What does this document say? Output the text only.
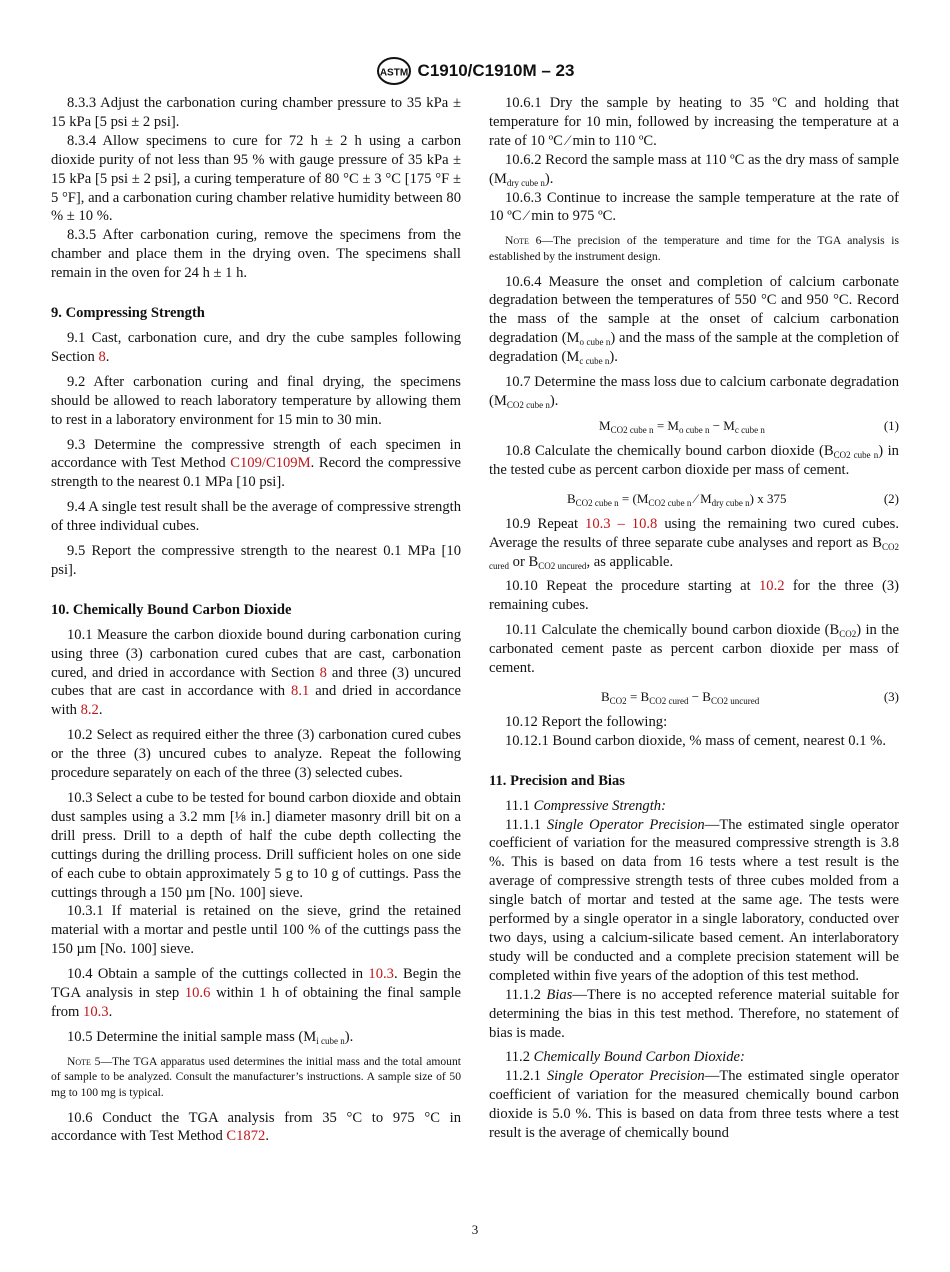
ASTM C1910/C1910M – 23

8.3.3 Adjust the carbonation curing chamber pressure to 35 kPa ± 15 kPa [5 psi ± 2 psi].

8.3.4 Allow specimens to cure for 72 h ± 2 h using a carbon dioxide purity of not less than 95 % with gauge pressure of 35 kPa ± 15 kPa [5 psi ± 2 psi], a curing temperature of 80 °C ± 3 °C [175 °F ± 5 °F], and a carbonation curing chamber relative humidity between 80 % ± 10 %.

8.3.5 After carbonation curing, remove the specimens from the chamber and place them in the drying oven. The specimens shall remain in the oven for 24 h ± 1 h.

9. Compressing Strength

9.1 Cast, carbonation cure, and dry the cube samples following Section 8.

9.2 After carbonation curing and final drying, the specimens should be allowed to reach laboratory temperature by allowing them to rest in a laboratory environment for 15 min to 30 min.

9.3 Determine the compressive strength of each specimen in accordance with Test Method C109/C109M. Record the compressive strength to the nearest 0.1 MPa [10 psi].

9.4 A single test result shall be the average of compressive strength of three individual cubes.

9.5 Report the compressive strength to the nearest 0.1 MPa [10 psi].

10. Chemically Bound Carbon Dioxide

10.1 Measure the carbon dioxide bound during carbonation curing using three (3) carbonation cured cubes that are cast, carbonation cured, and dried in accordance with Section 8 and three (3) uncured cubes that are cast in accordance with 8.1 and dried in accordance with 8.2.

10.2 Select as required either the three (3) carbonation cured cubes or the three (3) uncured cubes to analyze. Repeat the following procedure separately on each of the three (3) selected cubes.

10.3 Select a cube to be tested for bound carbon dioxide and obtain dust samples using a 3.2 mm [⅛ in.] diameter masonry drill bit on a drill press. Drill to a depth of half the cube depth collecting the cuttings during the drilling process. Drill sufficient holes on one side of each cube to obtain approximately 5 g to 10 g of cuttings. Pass the cuttings through a 150 µm [No. 100] sieve.

10.3.1 If material is retained on the sieve, grind the retained material with a mortar and pestle until 100 % of the cuttings pass the 150 µm [No. 100] sieve.

10.4 Obtain a sample of the cuttings collected in 10.3. Begin the TGA analysis in step 10.6 within 1 h of obtaining the final sample from 10.3.

10.5 Determine the initial sample mass $(M_{i cube n})$.

Note 5—The TGA apparatus used determines the initial mass and the total amount of sample to be analyzed. Consult the manufacturer’s instructions. A sample size of 50 mg to 100 mg is typical.

10.6 Conduct the TGA analysis from 35 °C to 975 °C in accordance with Test Method C1872.

10.6.1 Dry the sample by heating to 35 ºC and holding that temperature for 10 min, followed by increasing the temperature at a rate of 10 ºC ⁄ min to 110 ºC.

10.6.2 Record the sample mass at 110 ºC as the dry mass of sample $(M_{dry cube n})$.

10.6.3 Continue to increase the sample temperature at the rate of 10 ºC ⁄ min to 975 ºC.

Note 6—The precision of the temperature and time for the TGA analysis is established by the instrument design.

10.6.4 Measure the onset and completion of calcium carbonate degradation between the temperatures of 550 °C and 950 °C. Record the mass of the sample at the onset of calcium carbonation degradation $(M_{o cube n})$ and the mass of the sample at the completion of degradation $(M_{c cube n})$.

10.7 Determine the mass loss due to calcium carbonate degradation $(M_{CO2 cube n})$.

$M_{CO2 cube n} = M_{o cube n} - M_{c cube n}$	(1)

10.8 Calculate the chemically bound carbon dioxide $(B_{CO2 cube n})$ in the tested cube as percent carbon dioxide per mass of cement.

$B_{CO2 cube n} = (M_{CO2 cube n}$ ⁄ $M_{dry cube n}$) x 375	(2)

10.9 Repeat 10.3 – 10.8 using the remaining two cured cubes. Average the results of three separate cube analyses and report as $B_{CO2 cured}$ or $B_{CO2 uncured}$, as applicable.

10.10 Repeat the procedure starting at 10.2 for the three (3) remaining cubes.

10.11 Calculate the chemically bound carbon dioxide $(B_{CO2})$ in the carbonated cement paste as percent carbon dioxide per mass of cement.

$B_{CO2} = B_{CO2 cured} - B_{CO2 uncured}$	(3)

10.12 Report the following:

10.12.1 Bound carbon dioxide, % mass of cement, nearest 0.1 %.

11. Precision and Bias

11.1 Compressive Strength:

11.1.1 Single Operator Precision—The estimated single operator coefficient of variation for the measured compressive strength is 3.8 %. This is based on data from 16 tests where a test result is the average of compressive strength tests of three cubes molded from a single batch of mortar and tested at the same age. The tests were performed by a single operator in a single laboratory, conducted over two days, using a calcium-silicate based cement. An interlaboratory study will be conducted and a complete precision statement will be completed within five years of the adoption of this test method.

11.1.2 Bias—There is no accepted reference material suitable for determining the bias in this test method. Therefore, no statement of bias is made.

11.2 Chemically Bound Carbon Dioxide:

11.2.1 Single Operator Precision—The estimated single operator coefficient of variation for the measured chemically bound carbon dioxide is 5.0 %. This is based on data from three tests where a test result is the average of chemically bound

3
